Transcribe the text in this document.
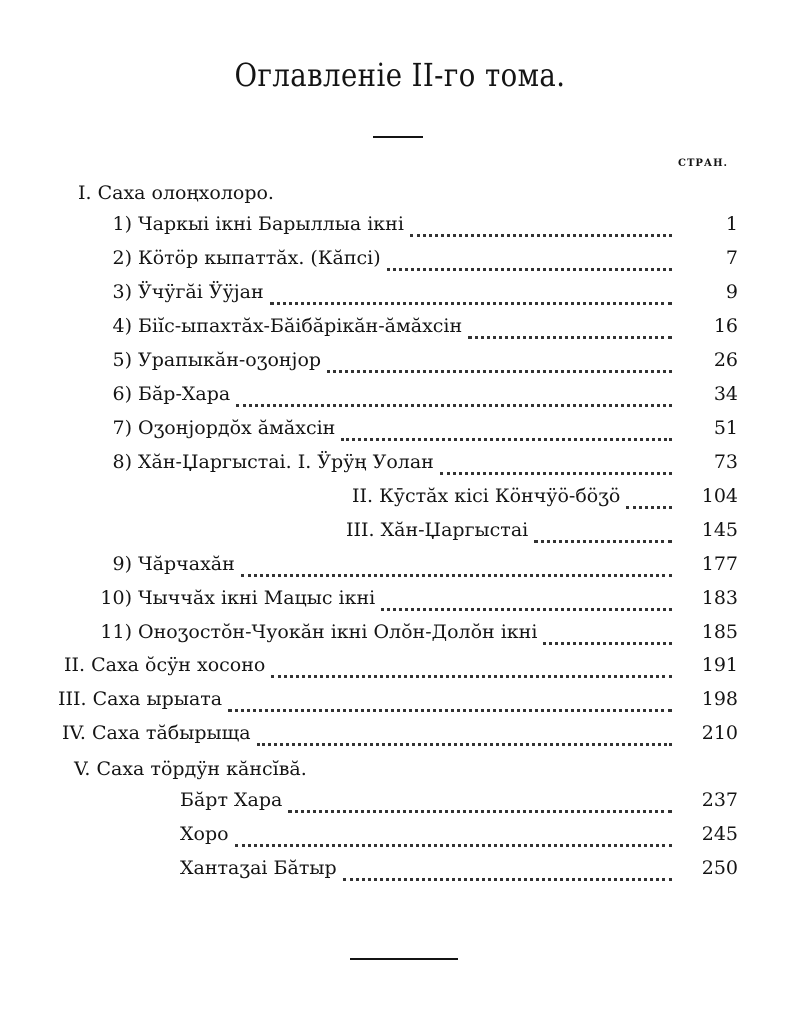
Оглавленіе II-го тома.
СТРАН.
I. Саха олоңхолоро.
1) Чаркыі ікні Барыллыа ікні	1
2) Кӧтӧр кыпаттăх. (Кăпсі)	7
3) Ӱчӱгăі Ӱӱјан	9
4) Біĭс-ыпахтăх-Бăібăрікăн-ăмăхсін	16
5) Урапыкăн-оӡонјор	26
6) Бăр-Хара	34
7) Оӡонјордŏх ăмăхсін	51
8) Хăн-Џаргыстаі. I. Ӱрӱң Уолан	73
II. Кӯстăх кісі Кӧнчӱӧ-бӧӡӧ	104
III. Хăн-Џаргыстаі	145
9) Чăрчахăн	177
10) Чыччăх ікні Мацыс ікні	183
11) Оноӡостŏн-Чуокăн ікні Олŏн-Долŏн ікні	185
II. Саха ŏсӱн хосоно	191
III. Саха ырыата	198
IV. Саха тăбырыща	210
V. Саха тӧрдӱн кăнсĭвă.
Бăрт Хара	237
Хоро	245
Хантаӡаі Бăтыр	250
